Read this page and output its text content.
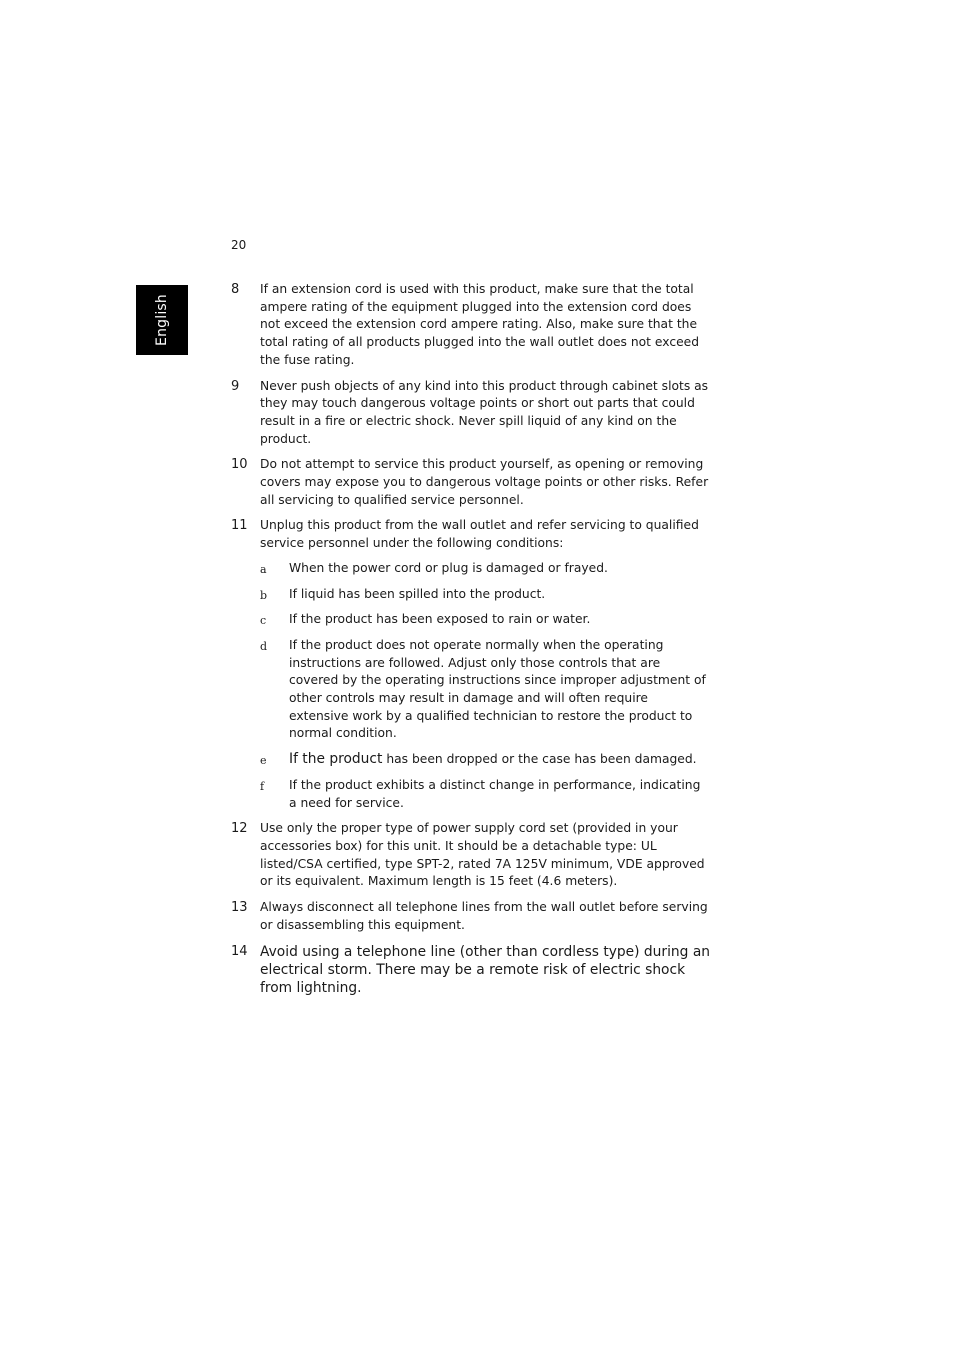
20
English
8 If an extension cord is used with this product, make sure that the total ampere rating of the equipment plugged into the extension cord does not exceed the extension cord ampere rating. Also, make sure that the total rating of all products plugged into the wall outlet does not exceed the fuse rating.
9 Never push objects of any kind into this product through cabinet slots as they may touch dangerous voltage points or short out parts that could result in a fire or electric shock. Never spill liquid of any kind on the product.
10 Do not attempt to service this product yourself, as opening or removing covers may expose you to dangerous voltage points or other risks. Refer all servicing to qualified service personnel.
11 Unplug this product from the wall outlet and refer servicing to qualified service personnel under the following conditions:
a When the power cord or plug is damaged or frayed.
b If liquid has been spilled into the product.
c If the product has been exposed to rain or water.
d If the product does not operate normally when the operating instructions are followed. Adjust only those controls that are covered by the operating instructions since improper adjustment of other controls may result in damage and will often require extensive work by a qualified technician to restore the product to normal condition.
e If the product has been dropped or the case has been damaged.
f If the product exhibits a distinct change in performance, indicating a need for service.
12 Use only the proper type of power supply cord set (provided in your accessories box) for this unit. It should be a detachable type: UL listed/CSA certified, type SPT-2, rated 7A 125V minimum, VDE approved or its equivalent. Maximum length is 15 feet (4.6 meters).
13 Always disconnect all telephone lines from the wall outlet before serving or disassembling this equipment.
14 Avoid using a telephone line (other than cordless type) during an electrical storm. There may be a remote risk of electric shock from lightning.
